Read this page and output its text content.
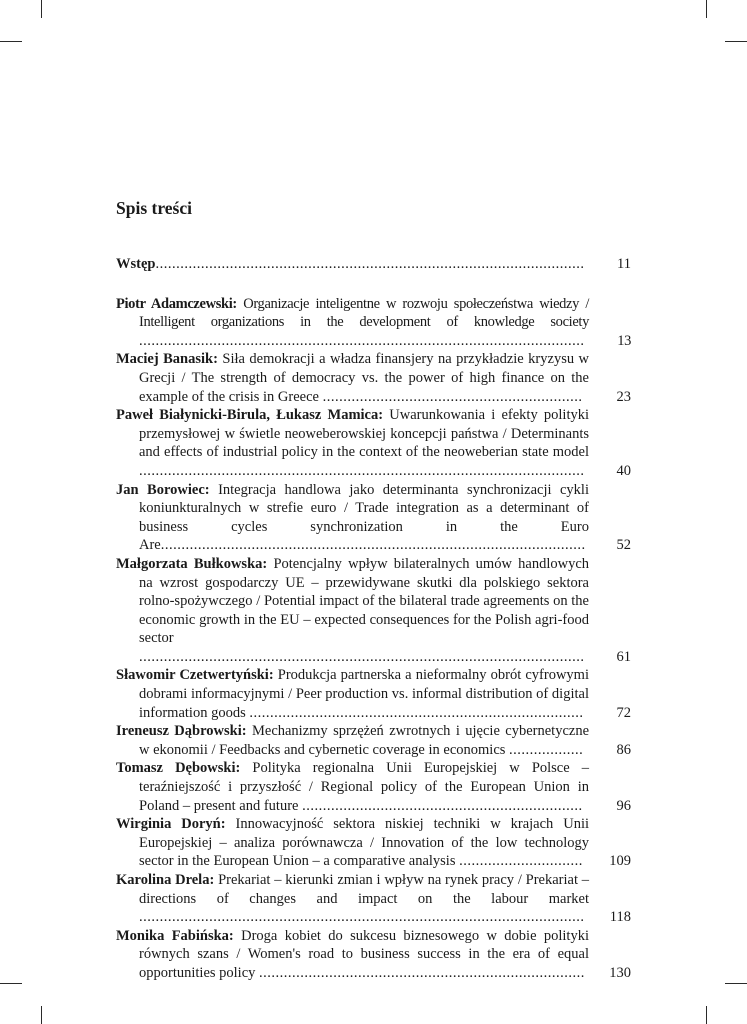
Spis treści
Wstęp........................................................................................................	11
Piotr Adamczewski: Organizacje inteligentne w rozwoju społeczeństwa wiedzy / Intelligent organizations in the development of knowledge society ............................................................................................................	13
Maciej Banasik: Siła demokracji a władza finansjery na przykładzie kryzysu w Grecji / The strength of democracy vs. the power of high finance on the example of the crisis in Greece ...............................................................	23
Paweł Białynicki-Birula, Łukasz Mamica: Uwarunkowania i efekty polityki przemysłowej w świetle neoweberowskiej koncepcji państwa / Determinants and effects of industrial policy in the context of the neoweberian state model ............................................................................................................	40
Jan Borowiec: Integracja handlowa jako determinanta synchronizacji cykli koniunkturalnych w strefie euro / Trade integration as a determinant of business cycles synchronization in the Euro Are.......................................................................................................	52
Małgorzata Bułkowska: Potencjalny wpływ bilateralnych umów handlowych na wzrost gospodarczy UE – przewidywane skutki dla polskiego sektora rolno-spożywczego / Potential impact of the bilateral trade agreements on the economic growth in the EU – expected consequences for the Polish agri-food sector ............................................................................................................	61
Sławomir Czetwertyński: Produkcja partnerska a nieformalny obrót cyfrowymi dobrami informacyjnymi / Peer production vs. informal distribution of digital information goods .................................................................................	72
Ireneusz Dąbrowski: Mechanizmy sprzężeń zwrotnych i ujęcie cybernetyczne w ekonomii / Feedbacks and cybernetic coverage in economics ..................	86
Tomasz Dębowski: Polityka regionalna Unii Europejskiej w Polsce – teraźniejszość i przyszłość / Regional policy of the European Union in Poland – present and future ....................................................................	96
Wirginia Doryń: Innowacyjność sektora niskiej techniki w krajach Unii Europejskiej – analiza porównawcza / Innovation of the low technology sector in the European Union – a comparative analysis ..............................	109
Karolina Drela: Prekariat – kierunki zmian i wpływ na rynek pracy / Prekariat – directions of changes and impact on the labour market ............................................................................................................	118
Monika Fabińska: Droga kobiet do sukcesu biznesowego w dobie polityki równych szans / Women's road to business success in the era of equal opportunities policy ...............................................................................	130
